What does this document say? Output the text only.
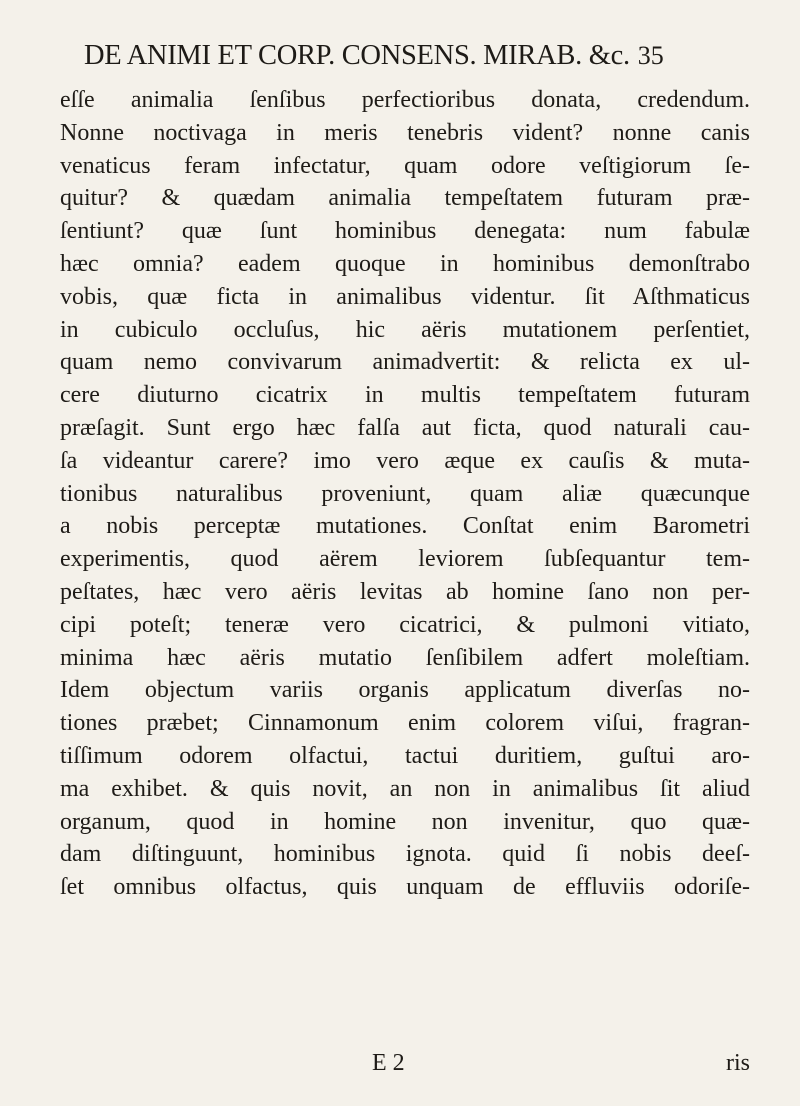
DE ANIMI ET CORP. CONSENS. MIRAB. &c. 35
eſſe animalia ſenſibus perfectioribus donata, credendum.
Nonne noctivaga in meris tenebris vident? nonne canis
venaticus feram infectatur, quam odore veſtigiorum ſe-
quitur? & quædam animalia tempeſtatem futuram præ-
ſentiunt? quæ ſunt hominibus denegata: num fabulæ
hæc omnia? eadem quoque in hominibus demonſtrabo
vobis, quæ ficta in animalibus videntur. ſit Aſthmaticus
in cubiculo occluſus, hic aëris mutationem perſentiet,
quam nemo convivarum animadvertit: & relicta ex ul-
cere diuturno cicatrix in multis tempeſtatem futuram
præſagit. Sunt ergo hæc falſa aut ficta, quod naturali cau-
ſa videantur carere? imo vero æque ex cauſis & muta-
tionibus naturalibus proveniunt, quam aliæ quæcunque
a nobis perceptæ mutationes. Conſtat enim Barometri
experimentis, quod aërem leviorem ſubſequantur tem-
peſtates, hæc vero aëris levitas ab homine ſano non per-
cipi poteſt; teneræ vero cicatrici, & pulmoni vitiato,
minima hæc aëris mutatio ſenſibilem adfert moleſtiam.
Idem objectum variis organis applicatum diverſas no-
tiones præbet; Cinnamonum enim colorem viſui, fragran-
tiſſimum odorem olfactui, tactui duritiem, guſtui aro-
ma exhibet. & quis novit, an non in animalibus ſit aliud
organum, quod in homine non invenitur, quo quæ-
dam diſtinguunt, hominibus ignota. quid ſi nobis deeſ-
ſet omnibus olfactus, quis unquam de effluviis odoriſe-
E 2	ris
